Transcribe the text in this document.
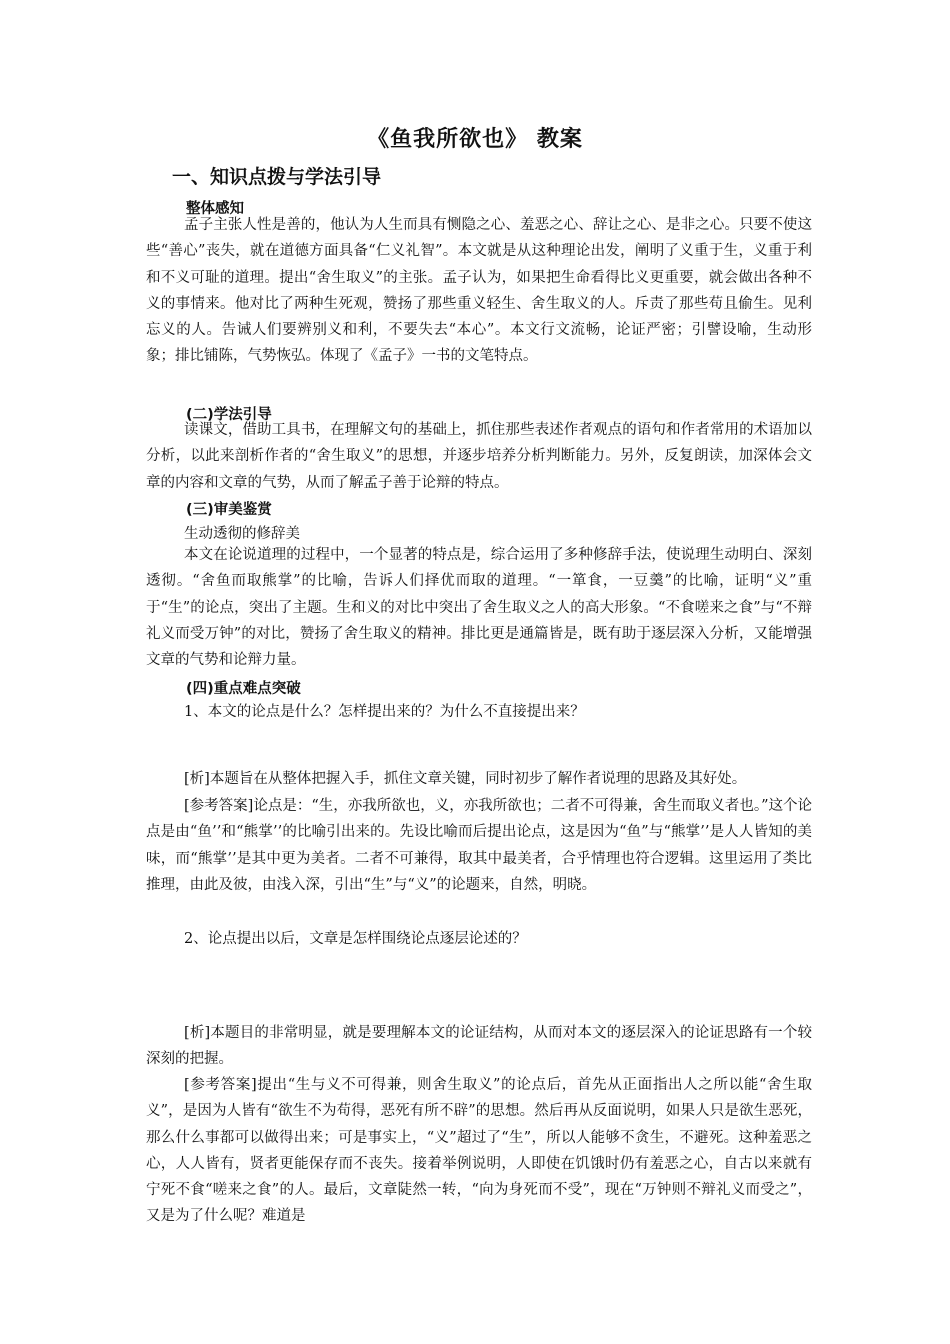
《鱼我所欲也》 教案
一、知识点拨与学法引导
整体感知

孟子主张人性是善的，他认为人生而具有恻隐之心、羞恶之心、辞让之心、是非之心。只要不使这些“善心”丧失，就在道德方面具备“仁义礼智”。本文就是从这种理论出发，阐明了义重于生，义重于利和不义可耻的道理。提出“舍生取义”的主张。孟子认为，如果把生命看得比义更重要，就会做出各种不义的事情来。他对比了两种生死观，赞扬了那些重义轻生、舍生取义的人。斥责了那些苟且偷生。见利忘义的人。告诫人们要辨别义和利，不要失去“本心”。本文行文流畅，论证严密；引譬设喻，生动形象；排比铺陈，气势恢弘。体现了《孟子》一书的文笔特点。

(二)学法引导

读课文，借助工具书，在理解文句的基础上，抓住那些表述作者观点的语句和作者常用的术语加以分析，以此来剖析作者的“舍生取义”的思想，并逐步培养分析判断能力。另外，反复朗读，加深体会文章的内容和文章的气势，从而了解孟子善于论辩的特点。

(三)审美鉴赏
生动透彻的修辞美

本文在论说道理的过程中，一个显著的特点是，综合运用了多种修辞手法，使说理生动明白、深刻透彻。“舍鱼而取熊掌”的比喻，告诉人们择优而取的道理。“一箪食，一豆羹”的比喻，证明“义”重于“生”的论点，突出了主题。生和义的对比中突出了舍生取义之人的高大形象。“不食嗟来之食”与“不辩礼义而受万钟”的对比，赞扬了舍生取义的精神。排比更是通篇皆是，既有助于逐层深入分析，又能增强文章的气势和论辩力量。

(四)重点难点突破
1、本文的论点是什么？怎样提出来的？为什么不直接提出来？

[析]本题旨在从整体把握入手，抓住文章关键，同时初步了解作者说理的思路及其好处。

[参考答案]论点是：“生，亦我所欲也，义，亦我所欲也；二者不可得兼，舍生而取义者也。”这个论点是由“鱼’’和“熊掌’’的比喻引出来的。先设比喻而后提出论点，这是因为“鱼”与“熊掌’’是人人皆知的美味，而“熊掌’’是其中更为美者。二者不可兼得，取其中最美者，合乎情理也符合逻辑。这里运用了类比推理，由此及彼，由浅入深，引出“生”与“义”的论题来，自然，明晓。

2、论点提出以后，文章是怎样围绕论点逐层论述的？

[析]本题目的非常明显，就是要理解本文的论证结构，从而对本文的逐层深入的论证思路有一个较深刻的把握。

[参考答案]提出“生与义不可得兼，则舍生取义”的论点后，首先从正面指出人之所以能“舍生取义”，是因为人皆有“欲生不为苟得，恶死有所不辟”的思想。然后再从反面说明，如果人只是欲生恶死，那么什么事都可以做得出来；可是事实上，“义”超过了“生”，所以人能够不贪生，不避死。这种羞恶之心，人人皆有，贤者更能保存而不丧失。接着举例说明，人即使在饥饿时仍有羞恶之心，自古以来就有宁死不食“嗟来之食”的人。最后，文章陡然一转，“向为身死而不受”，现在“万钟则不辩礼义而受之”，又是为了什么呢？难道是
